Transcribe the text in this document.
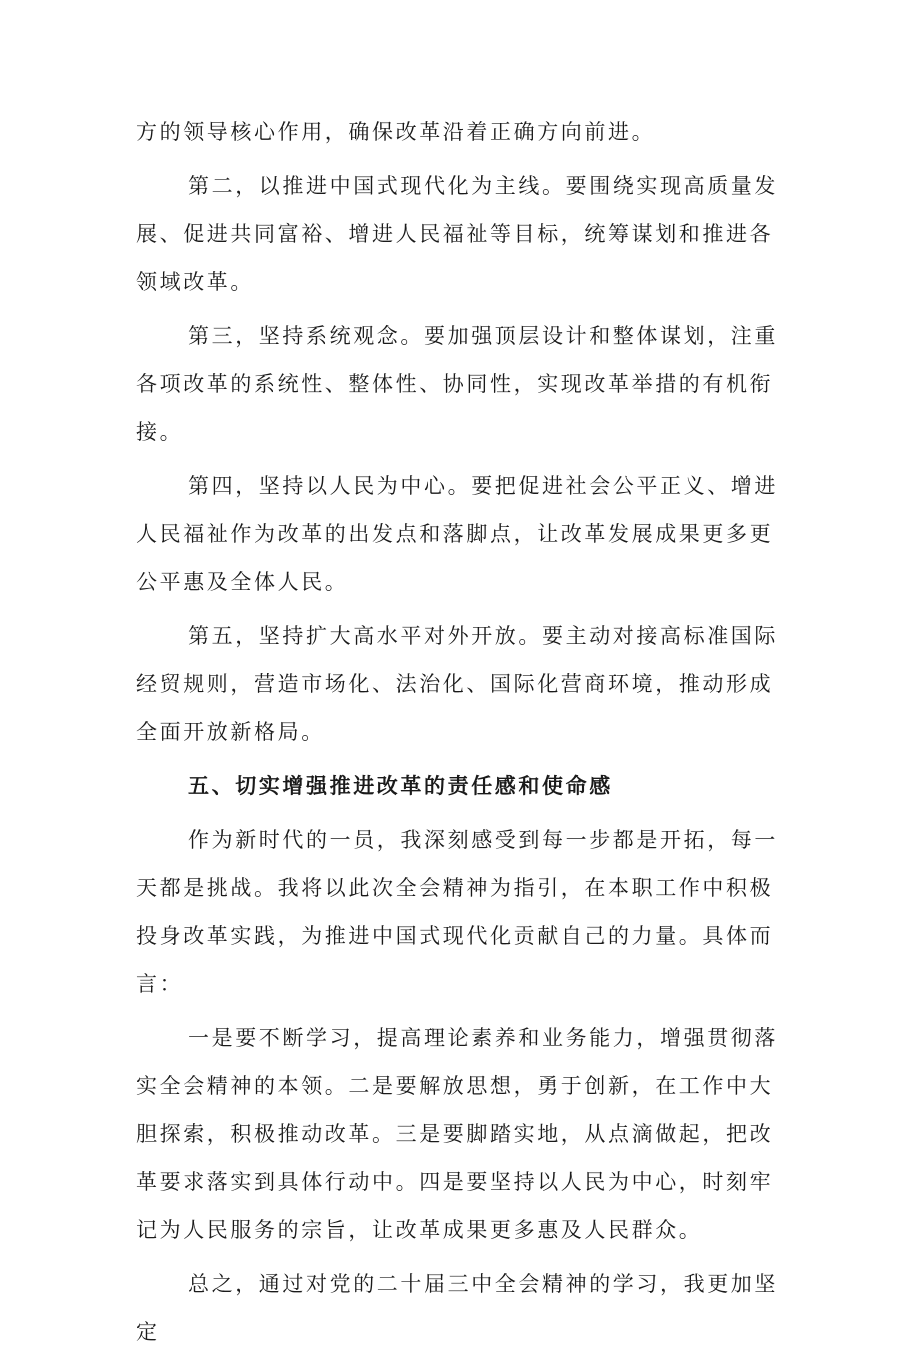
方的领导核心作用，确保改革沿着正确方向前进。

第二，以推进中国式现代化为主线。要围绕实现高质量发展、促进共同富裕、增进人民福祉等目标，统筹谋划和推进各领域改革。

第三，坚持系统观念。要加强顶层设计和整体谋划，注重各项改革的系统性、整体性、协同性，实现改革举措的有机衔接。

第四，坚持以人民为中心。要把促进社会公平正义、增进人民福祉作为改革的出发点和落脚点，让改革发展成果更多更公平惠及全体人民。

第五，坚持扩大高水平对外开放。要主动对接高标准国际经贸规则，营造市场化、法治化、国际化营商环境，推动形成全面开放新格局。

五、切实增强推进改革的责任感和使命感

作为新时代的一员，我深刻感受到每一步都是开拓，每一天都是挑战。我将以此次全会精神为指引，在本职工作中积极投身改革实践，为推进中国式现代化贡献自己的力量。具体而言：

一是要不断学习，提高理论素养和业务能力，增强贯彻落实全会精神的本领。二是要解放思想，勇于创新，在工作中大胆探索，积极推动改革。三是要脚踏实地，从点滴做起，把改革要求落实到具体行动中。四是要坚持以人民为中心，时刻牢记为人民服务的宗旨，让改革成果更多惠及人民群众。

总之，通过对党的二十届三中全会精神的学习，我更加坚定
